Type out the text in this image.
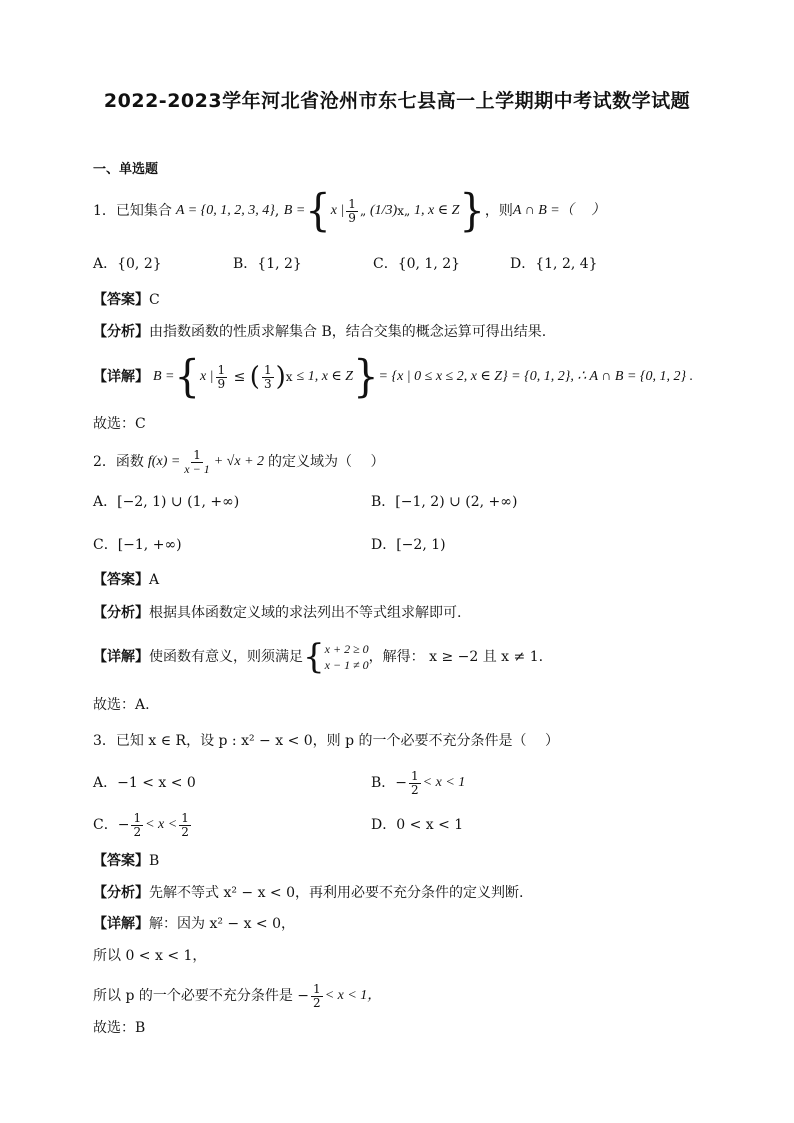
2022-2023学年河北省沧州市东七县高一上学期期中考试数学试题
一、单选题
1． 已知集合 A = {0, 1, 2, 3, 4} , B = { x | $\frac{1}{9}$ „ (1/3) x „ 1, x ∈ Z } ，则 A ∩ B =（　 ）
A．{0, 2}	B．{1, 2}	C．{0, 1, 2}	D．{1, 2, 4}
【答案】C
【分析】由指数函数的性质求解集合 B，结合交集的概念运算可得出结果.
【详解】 B = { x | $\frac{1}{9}$ ≤ ( $\frac{1}{3}$ ) x ≤ 1, x ∈ Z } = {x | 0 ≤ x ≤ 2, x ∈ Z} = {0, 1, 2}, ∴ A ∩ B = {0, 1, 2} .
故选：C
2． 函数 $f(x) = \frac{1}{x - 1} + √x + 2$ 的定义域为（　 ）
A．[−2, 1) ∪ (1, +∞)	B．[−1, 2) ∪ (2, +∞)
C．[−1, +∞)	D．[−2, 1)
【答案】A
【分析】根据具体函数定义域的求法列出不等式组求解即可.
【详解】 使函数有意义，则须满足 { x + 2 ≥ 0
x − 1 ≠ 0 ，解得： x ≥ −2 且 x ≠ 1.
故选：A.
3．已知 x ∈ R，设 p : x² − x < 0，则 p 的一个必要不充分条件是（　 ）
A．−1 < x < 0	B．− $\frac{1}{2} < x < 1$
C．− $\frac{1}{2} < x < \frac{1}{2}$	D．0 < x < 1
【答案】B
【分析】先解不等式 x² − x < 0，再利用必要不充分条件的定义判断.
【详解】解：因为 x² − x < 0，
所以 0 < x < 1，
所以 p 的一个必要不充分条件是 − $\frac{1}{2} < x < 1$，
故选：B
